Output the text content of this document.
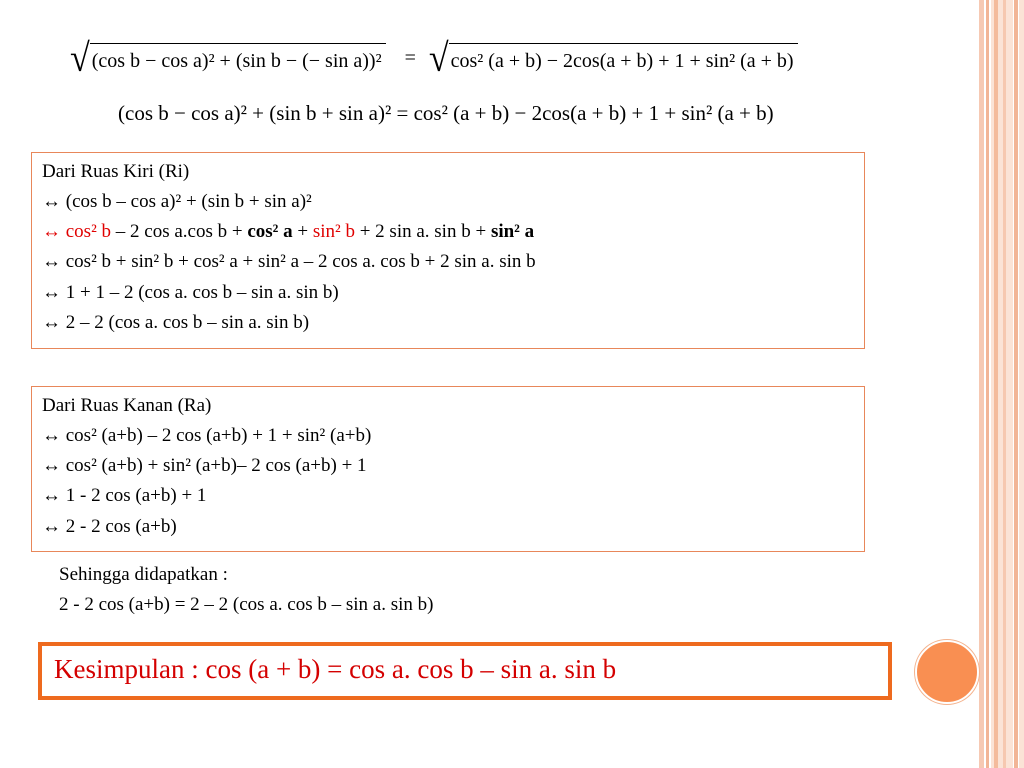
√ (cos b − cos a)² + (sin b − (− sin a))² = √ cos² (a + b) − 2cos(a + b) + 1 + sin² (a + b)
(cos b − cos a)² + (sin b + sin a)² = cos² (a + b) − 2cos(a + b) + 1 + sin² (a + b)
Dari Ruas Kiri (Ri)
↔ (cos b – cos a)² + (sin b + sin a)²
↔ cos² b – 2 cos a.cos b + cos² a + sin² b + 2 sin a. sin b + sin² a
↔ cos² b + sin² b + cos² a + sin² a – 2 cos a. cos b + 2 sin a. sin b
↔ 1 + 1 – 2 (cos a. cos b – sin a. sin b)
↔ 2 – 2 (cos a. cos b – sin a. sin b)
Dari Ruas Kanan (Ra)
↔ cos² (a+b) – 2 cos (a+b) + 1 + sin² (a+b)
↔ cos² (a+b) + sin² (a+b)– 2 cos (a+b) + 1
↔ 1 - 2 cos (a+b) + 1
↔ 2 - 2 cos (a+b)
Sehingga didapatkan :
2 - 2 cos (a+b) = 2 – 2 (cos a. cos b – sin a. sin b)
Kesimpulan : cos (a + b) = cos a. cos b – sin a. sin b
